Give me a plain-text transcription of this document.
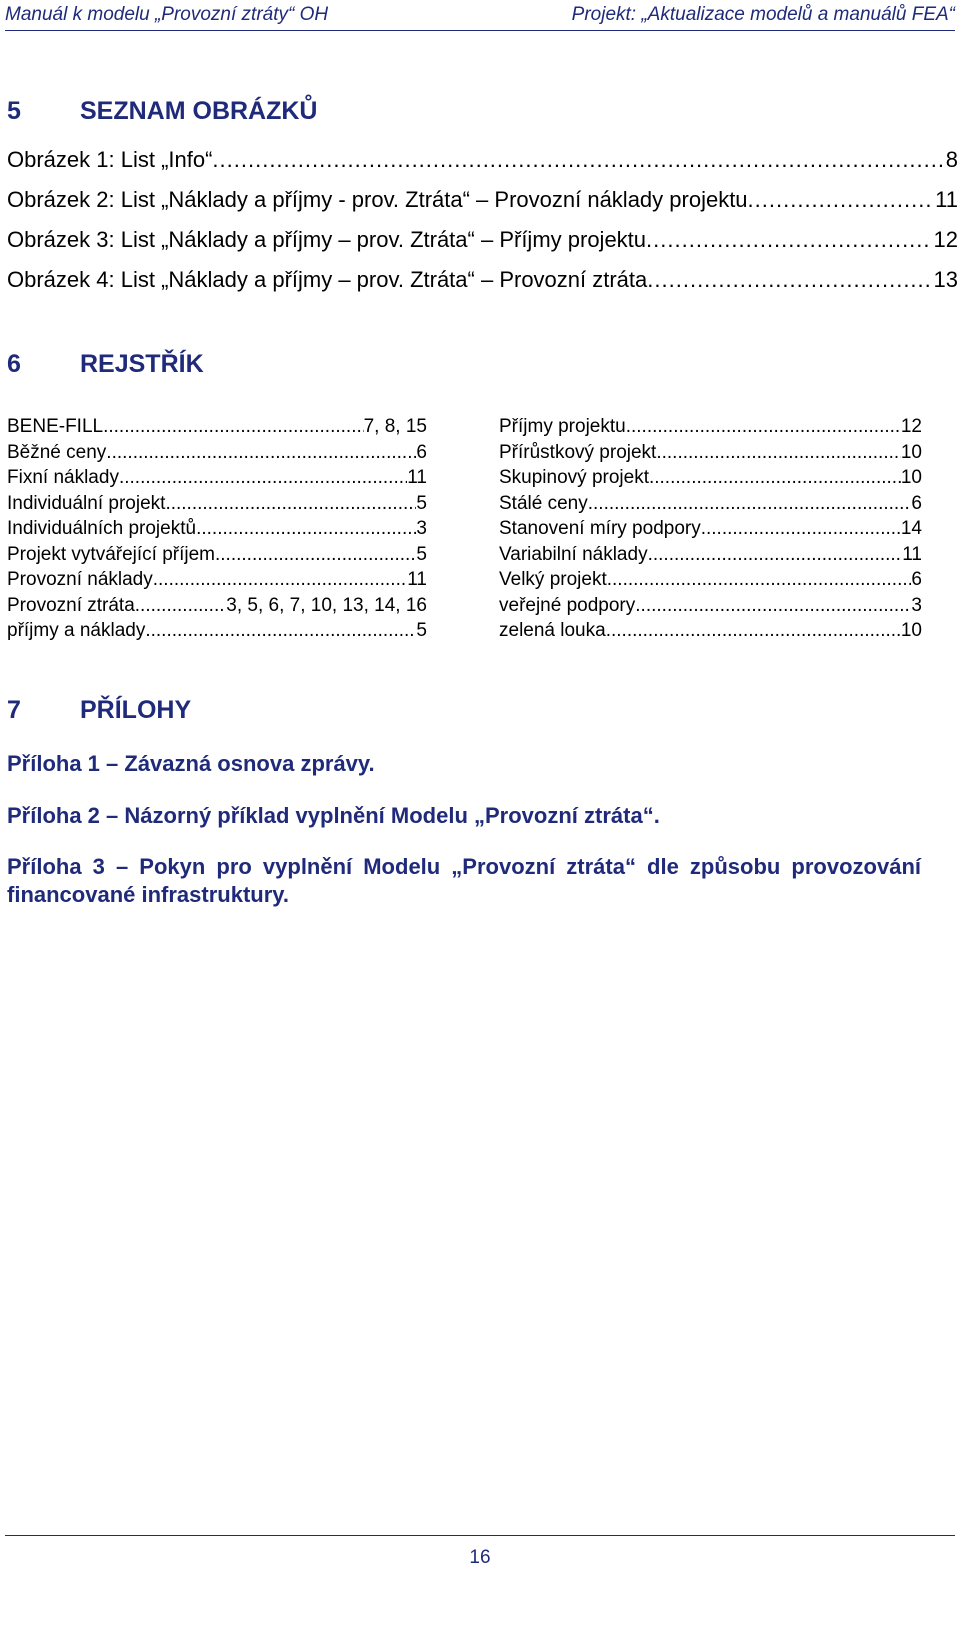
Manuál k modelu „Provozní ztráty“ OH	Projekt: „Aktualizace modelů a manuálů FEA“
5	SEZNAM OBRÁZKŮ
Obrázek 1: List „Info“ .....	8
Obrázek 2: List „Náklady a příjmy - prov. Ztráta“ – Provozní náklady projektu .....	11
Obrázek 3: List „Náklady a příjmy – prov. Ztráta“ – Příjmy projektu .....	12
Obrázek 4: List „Náklady a příjmy – prov. Ztráta“ – Provozní ztráta .....	13
6	REJSTŘÍK
BENE-FILL .....	7, 8, 15
Běžné ceny .....	6
Fixní náklady .....	11
Individuální projekt .....	5
Individuálních projektů .....	3
Projekt vytvářející příjem .....	5
Provozní náklady .....	11
Provozní ztráta .....	3, 5, 6, 7, 10, 13, 14, 16
příjmy a náklady .....	5
Příjmy projektu .....	12
Přírůstkový projekt .....	10
Skupinový projekt .....	10
Stálé ceny .....	6
Stanovení míry podpory .....	14
Variabilní náklady .....	11
Velký projekt .....	6
veřejné podpory .....	3
zelená louka .....	10
7	PŘÍLOHY
Příloha 1 – Závazná osnova zprávy.
Příloha 2 – Názorný příklad vyplnění Modelu „Provozní ztráta“.
Příloha 3 – Pokyn pro vyplnění Modelu „Provozní ztráta“ dle způsobu provozování financované infrastruktury.
16
